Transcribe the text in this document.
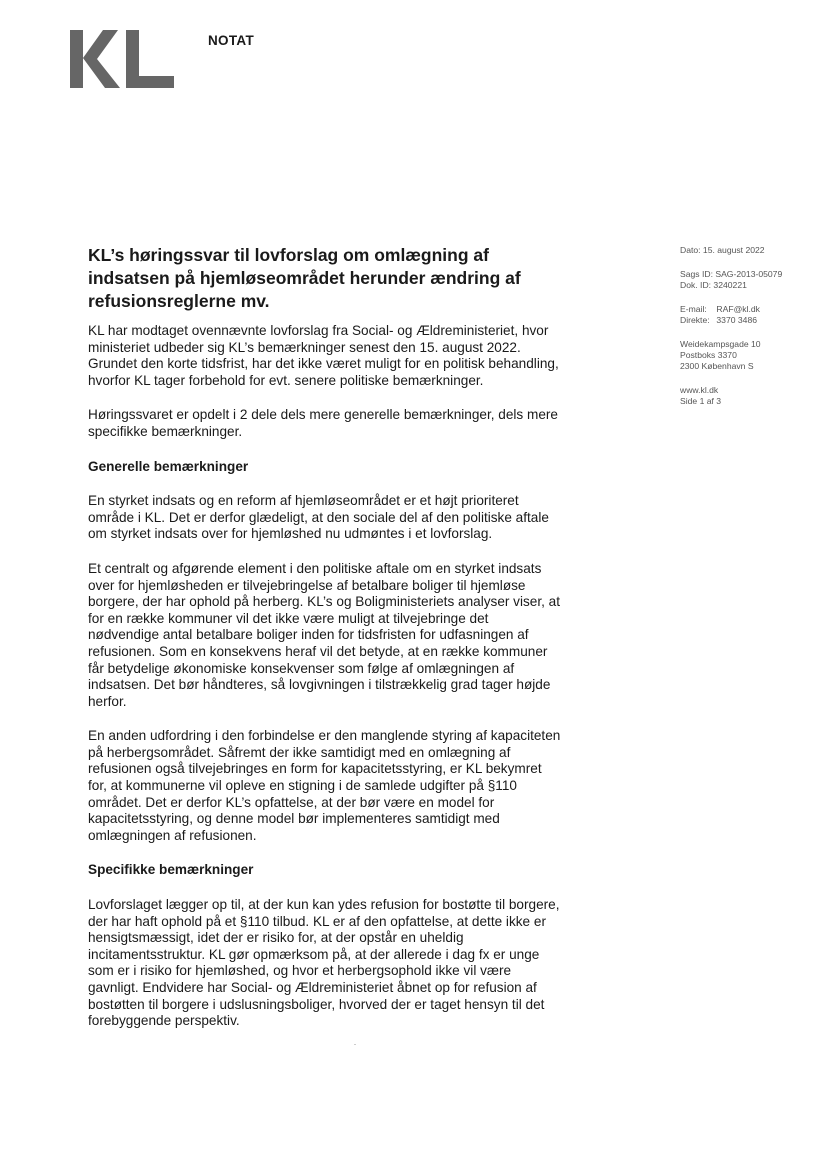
NOTAT
KL’s høringssvar til lovforslag om omlægning af indsatsen på hjemløseområdet herunder ændring af refusionsreglerne mv.

KL har modtaget ovennævnte lovforslag fra Social- og Ældreministeriet, hvor ministeriet udbeder sig KL’s bemærkninger senest den 15. august 2022. Grundet den korte tidsfrist, har det ikke været muligt for en politisk behandling, hvorfor KL tager forbehold for evt. senere politiske bemærkninger.

Høringssvaret er opdelt i 2 dele dels mere generelle bemærkninger, dels mere specifikke bemærkninger.

Generelle bemærkninger

En styrket indsats og en reform af hjemløseområdet er et højt prioriteret område i KL. Det er derfor glædeligt, at den sociale del af den politiske aftale om styrket indsats over for hjemløshed nu udmøntes i et lovforslag.

Et centralt og afgørende element i den politiske aftale om en styrket indsats over for hjemløsheden er tilvejebringelse af betalbare boliger til hjemløse borgere, der har ophold på herberg. KL’s og Boligministeriets analyser viser, at for en række kommuner vil det ikke være muligt at tilvejebringe det nødvendige antal betalbare boliger inden for tidsfristen for udfasningen af refusionen. Som en konsekvens heraf vil det betyde, at en række kommuner får betydelige økonomiske konsekvenser som følge af omlægningen af indsatsen. Det bør håndteres, så lovgivningen i tilstrækkelig grad tager højde herfor.

En anden udfordring i den forbindelse er den manglende styring af kapaciteten på herbergsområdet. Såfremt der ikke samtidigt med en omlægning af refusionen også tilvejebringes en form for kapacitetsstyring, er KL bekymret for, at kommunerne vil opleve en stigning i de samlede udgifter på §110 området. Det er derfor KL’s opfattelse, at der bør være en model for kapacitetsstyring, og denne model bør implementeres samtidigt med omlægningen af refusionen.

Specifikke bemærkninger

Lovforslaget lægger op til, at der kun kan ydes refusion for bostøtte til borgere, der har haft ophold på et §110 tilbud. KL er af den opfattelse, at dette ikke er hensigtsmæssigt, idet der er risiko for, at der opstår en uheldig incitamentsstruktur. KL gør opmærksom på, at der allerede i dag fx er unge som er i risiko for hjemløshed, og hvor et herbergsophold ikke vil være gavnligt. Endvidere har Social- og Ældreministeriet åbnet op for refusion af bostøtten til borgere i udslusningsboliger, hvorved der er taget hensyn til det forebyggende perspektiv.

Dato: 15. august 2022
Sags ID: SAG-2013-05079
Dok. ID: 3240221
E-mail: RAF@kl.dk
Direkte: 3370 3486
Weidekampsgade 10
Postboks 3370
2300 København S
www.kl.dk
Side 1 af 3
